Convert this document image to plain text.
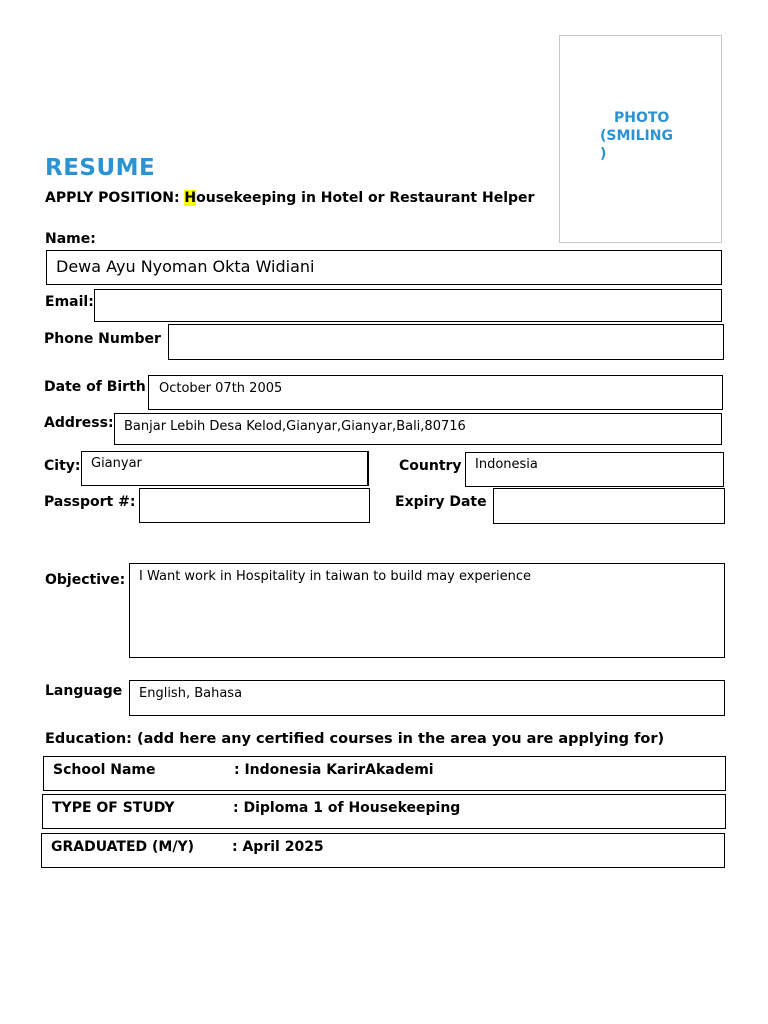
PHOTO
(SMILING
)
RESUME
APPLY POSITION: Housekeeping in Hotel or Restaurant Helper
Name:
Dewa Ayu Nyoman Okta Widiani
Email:
Phone Number
Date of Birth October 07th 2005
Address: Banjar Lebih Desa Kelod,Gianyar,Gianyar,Bali,80716
City: Gianyar	Country Indonesia
Passport #:	Expiry Date
Objective: I Want work in Hospitality in taiwan to build may experience
Language English, Bahasa
Education: (add here any certified courses in the area you are applying for)
School Name	: Indonesia KarirAkademi
TYPE OF STUDY	: Diploma 1 of Housekeeping
GRADUATED (M/Y)	: April 2025
